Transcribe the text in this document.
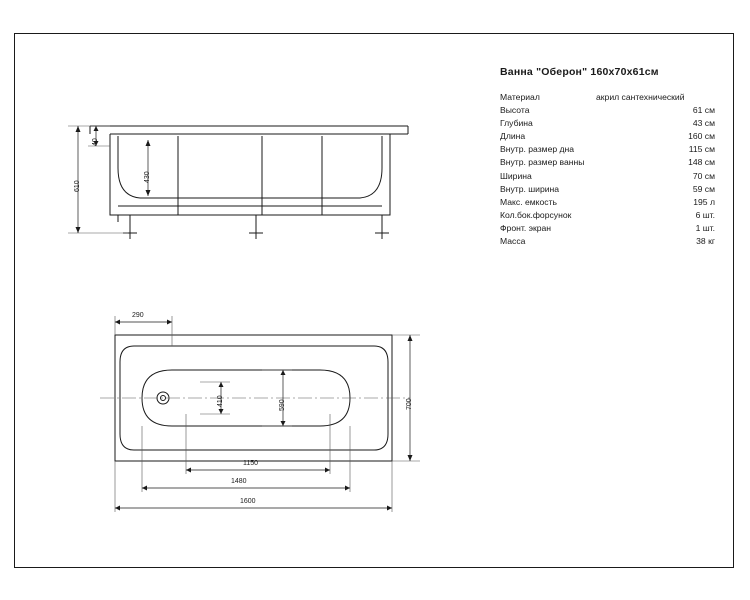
Ванна "Оберон" 160x70x61см
Материал	акрил сантехнический
Высота	61 см
Глубина	43 см
Длина	160 см
Внутр. размер дна	115 см
Внутр. размер ванны	148 см
Ширина	70 см
Внутр. ширина	59 см
Макс. емкость	195 л
Кол.бок.форсунок	6 шт.
Фронт. экран	1 шт.
Масса	38 кг
610
40
430
290
410	590	700
1150
1480
1600
